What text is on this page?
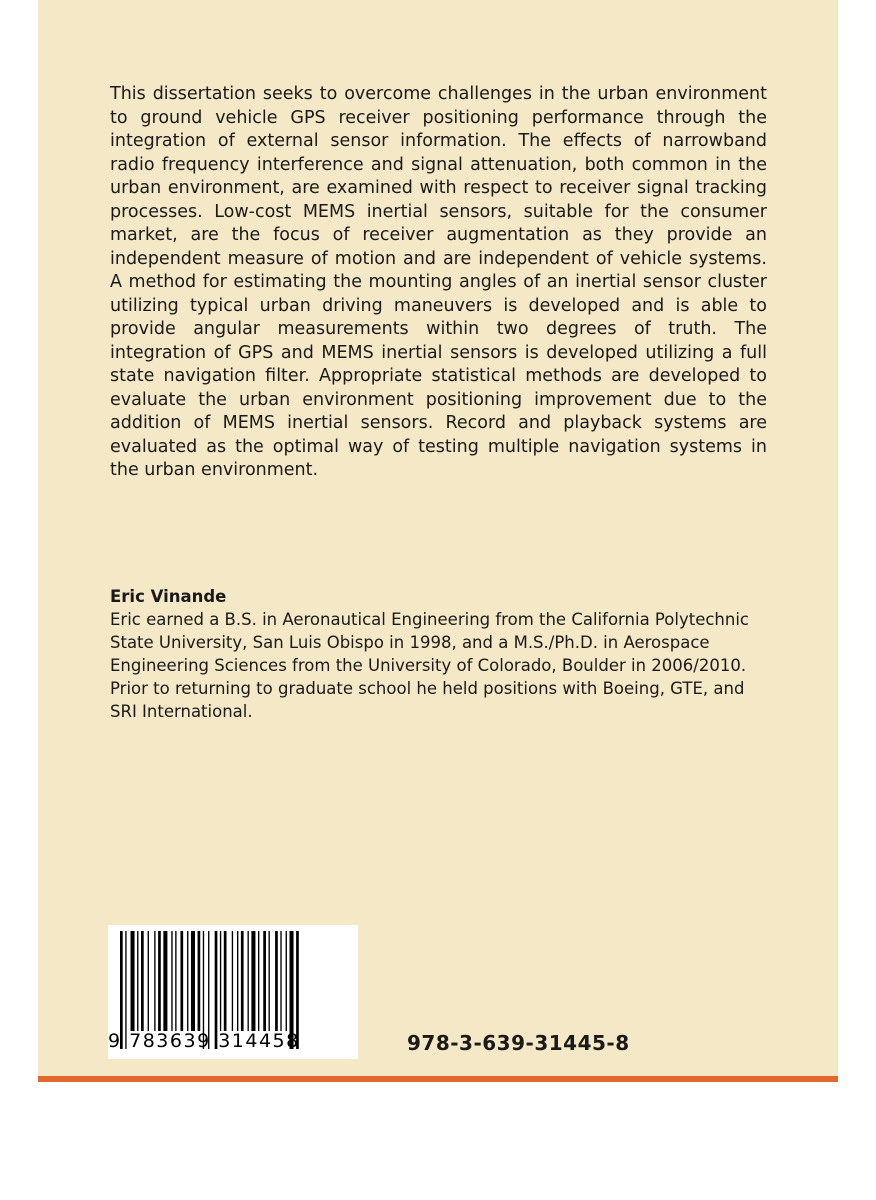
This dissertation seeks to overcome challenges in the urban environment to ground vehicle GPS receiver positioning performance through the integration of external sensor information. The effects of narrowband radio frequency interference and signal attenuation, both common in the urban environment, are examined with respect to receiver signal tracking processes. Low-cost MEMS inertial sensors, suitable for the consumer market, are the focus of receiver augmentation as they provide an independent measure of motion and are independent of vehicle systems. A method for estimating the mounting angles of an inertial sensor cluster utilizing typical urban driving maneuvers is developed and is able to provide angular measurements within two degrees of truth. The integration of GPS and MEMS inertial sensors is developed utilizing a full state navigation filter. Appropriate statistical methods are developed to evaluate the urban environment positioning improvement due to the addition of MEMS inertial sensors. Record and playback systems are evaluated as the optimal way of testing multiple navigation systems in the urban environment.

Eric Vinande

Eric earned a B.S. in Aeronautical Engineering from the California Polytechnic
State University, San Luis Obispo in 1998, and a M.S./Ph.D. in Aerospace
Engineering Sciences from the University of Colorado, Boulder in 2006/2010.
Prior to returning to graduate school he held positions with Boeing, GTE, and
SRI International.

9 783639 314458	978-3-639-31445-8
